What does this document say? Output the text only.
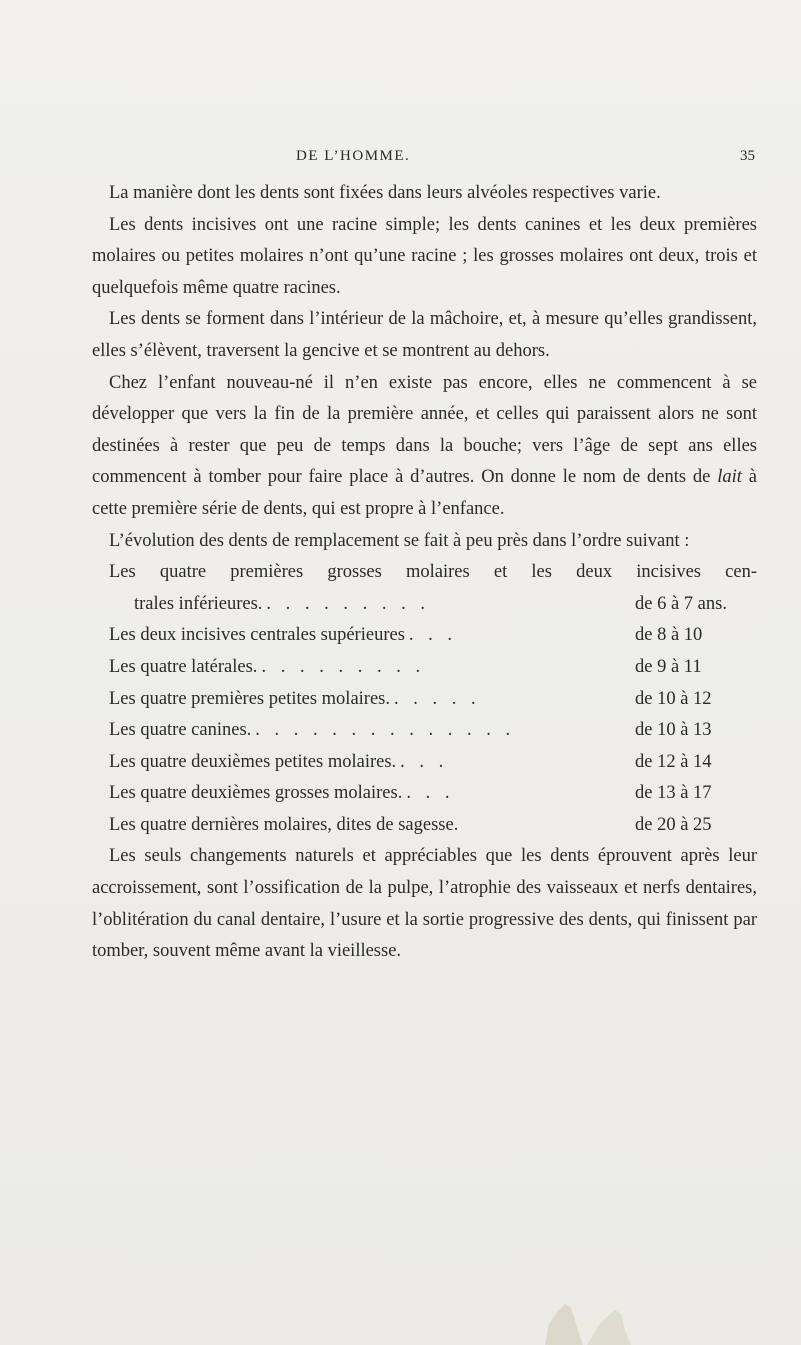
DE L’HOMME.	35

La manière dont les dents sont fixées dans leurs alvéoles respectives varie.

Les dents incisives ont une racine simple; les dents canines et les deux premières molaires ou petites molaires n’ont qu’une racine ; les grosses molaires ont deux, trois et quelquefois même quatre racines.

Les dents se forment dans l’intérieur de la mâchoire, et, à mesure qu’elles grandissent, elles s’élèvent, traversent la gencive et se montrent au dehors.

Chez l’enfant nouveau-né il n’en existe pas encore, elles ne commencent à se développer que vers la fin de la première année, et celles qui paraissent alors ne sont destinées à rester que peu de temps dans la bouche; vers l’âge de sept ans elles commencent à tomber pour faire place à d’autres. On donne le nom de dents de lait à cette première série de dents, qui est propre à l’enfance.

L’évolution des dents de remplacement se fait à peu près dans l’ordre suivant :

Les quatre premières grosses molaires et les deux incisives cen-

trales inférieures. . . . . . . . . .	de 6 à 7 ans.
Les deux incisives centrales supérieures . . .	de 8 à 10
Les quatre latérales. . . . . . . . . .	de 9 à 11
Les quatre premières petites molaires. . . . . .	de 10 à 12
Les quatre canines. . . . . . . . . . . . . . .	de 10 à 13
Les quatre deuxièmes petites molaires. . . .	de 12 à 14
Les quatre deuxièmes grosses molaires. . . .	de 13 à 17
Les quatre dernières molaires, dites de sagesse.	de 20 à 25

Les seuls changements naturels et appréciables que les dents éprouvent après leur accroissement, sont l’ossification de la pulpe, l’atrophie des vaisseaux et nerfs dentaires, l’oblitération du canal dentaire, l’usure et la sortie progressive des dents, qui finissent par tomber, souvent même avant la vieillesse.
